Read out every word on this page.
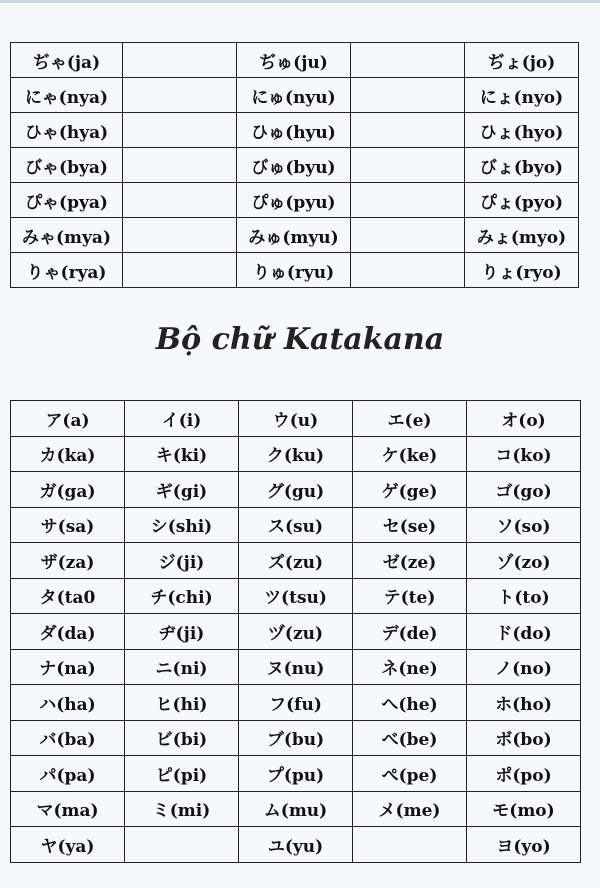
ぢゃ(ja)		ぢゅ(ju)		ぢょ(jo)
にゃ(nya)		にゅ(nyu)		にょ(nyo)
ひゃ(hya)		ひゅ(hyu)		ひょ(hyo)
びゃ(bya)		びゅ(byu)		びょ(byo)
ぴゃ(pya)		ぴゅ(pyu)		ぴょ(pyo)
みゃ(mya)		みゅ(myu)		みょ(myo)
りゃ(rya)		りゅ(ryu)		りょ(ryo)
Bộ chữ Katakana
ア(a)	イ(i)	ウ(u)	エ(e)	オ(o)
カ(ka)	キ(ki)	ク(ku)	ケ(ke)	コ(ko)
ガ(ga)	ギ(gi)	グ(gu)	ゲ(ge)	ゴ(go)
サ(sa)	シ(shi)	ス(su)	セ(se)	ソ(so)
ザ(za)	ジ(ji)	ズ(zu)	ゼ(ze)	ゾ(zo)
タ(ta0	チ(chi)	ツ(tsu)	テ(te)	ト(to)
ダ(da)	ヂ(ji)	ヅ(zu)	デ(de)	ド(do)
ナ(na)	ニ(ni)	ヌ(nu)	ネ(ne)	ノ(no)
ハ(ha)	ヒ(hi)	フ(fu)	へ(he)	ホ(ho)
バ(ba)	ビ(bi)	ブ(bu)	べ(be)	ボ(bo)
パ(pa)	ピ(pi)	プ(pu)	ぺ(pe)	ポ(po)
マ(ma)	ミ(mi)	ム(mu)	メ(me)	モ(mo)
ヤ(ya)		ユ(yu)		ヨ(yo)
